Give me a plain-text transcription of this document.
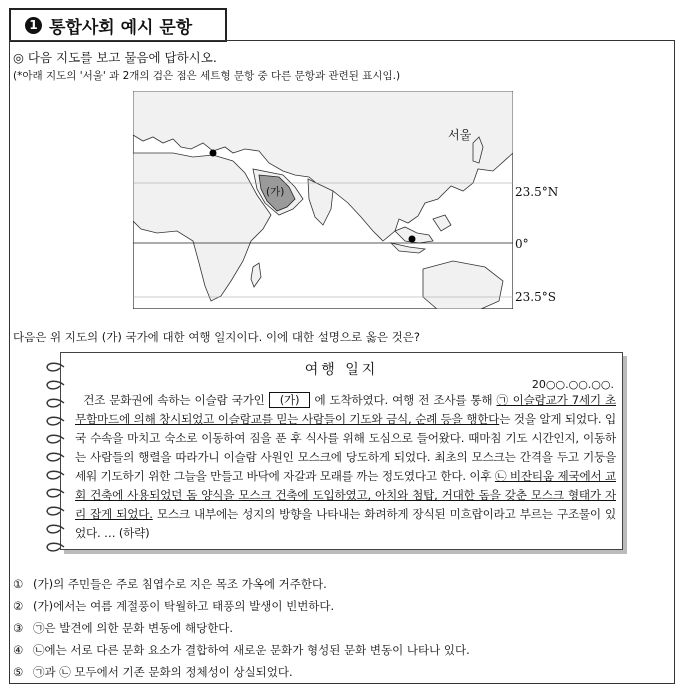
1 통합사회 예시 문항
◎ 다음 지도를 보고 물음에 답하시오.
(*아래 지도의 '서울' 과 2개의 검은 점은 세트형 문항 중 다른 문항과 관련된 표시임.)
서울
(가)	23.5°N
0°
23.5°S
다음은 위 지도의 (가) 국가에 대한 여행 일지이다. 이에 대한 설명으로 옳은 것은?
여행 일지
20○○.○○.○○.
건조 문화권에 속하는 이슬람 국가인 (가) 에 도착하였다. 여행 전 조사를 통해 ㉠ 이슬람교가 7세기 초 무함마드에 의해 창시되었고 이슬람교를 믿는 사람들이 기도와 금식, 순례 등을 행한다는 것을 알게 되었다. 입국 수속을 마치고 숙소로 이동하여 짐을 푼 후 식사를 위해 도심으로 들어왔다. 때마침 기도 시간인지, 이동하는 사람들의 행렬을 따라가니 이슬람 사원인 모스크에 당도하게 되었다. 최초의 모스크는 간격을 두고 기둥을 세워 기도하기 위한 그늘을 만들고 바닥에 자갈과 모래를 까는 정도였다고 한다. 이후 ㉡ 비잔티움 제국에서 교회 건축에 사용되었던 돔 양식을 모스크 건축에 도입하였고, 아치와 첨탑, 거대한 돔을 갖춘 모스크 형태가 자리 잡게 되었다. 모스크 내부에는 성지의 방향을 나타내는 화려하게 장식된 미흐랍이라고 부르는 구조물이 있었다. … (하략)
① (가)의 주민들은 주로 침엽수로 지은 목조 가옥에 거주한다.
② (가)에서는 여름 계절풍이 탁월하고 태풍의 발생이 빈번하다.
③ ㉠은 발견에 의한 문화 변동에 해당한다.
④ ㉡에는 서로 다른 문화 요소가 결합하여 새로운 문화가 형성된 문화 변동이 나타나 있다.
⑤ ㉠과 ㉡ 모두에서 기존 문화의 정체성이 상실되었다.
